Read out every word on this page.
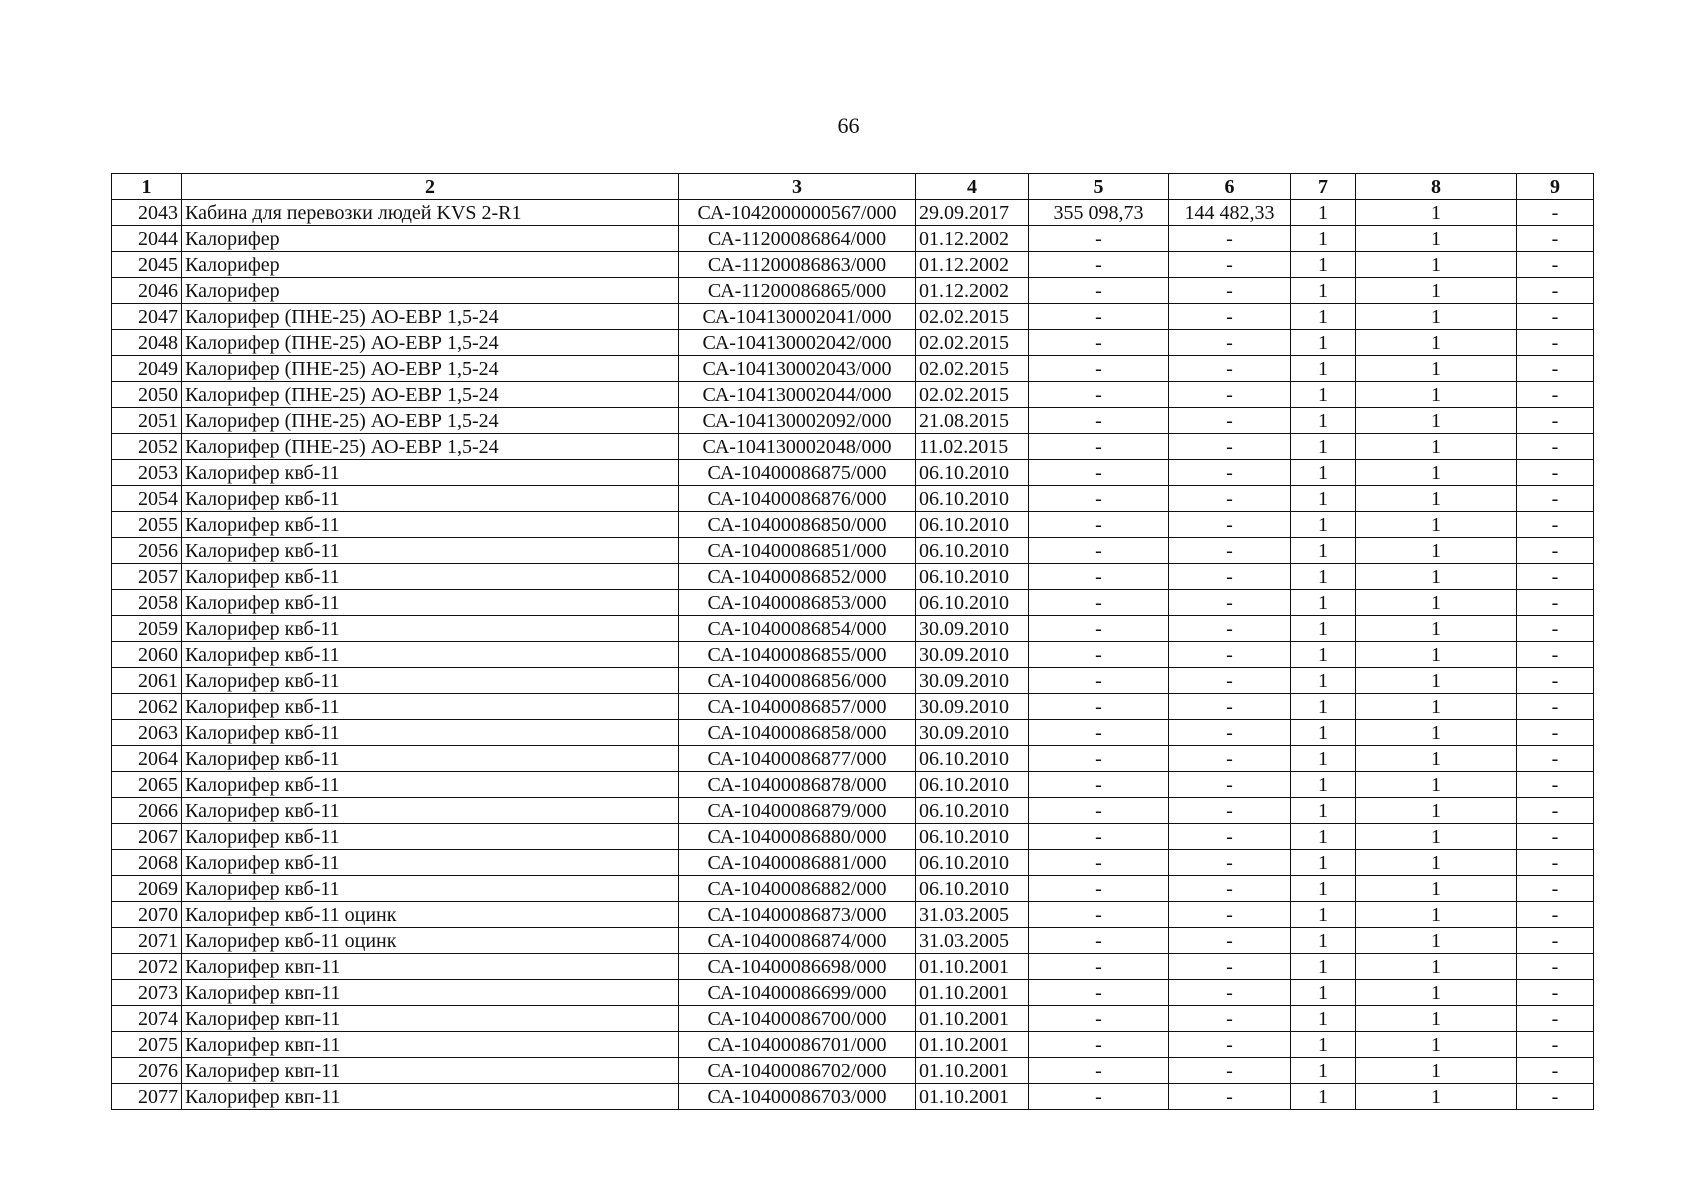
66
1	2	3	4	5	6	7	8	9
2043	Кабина для перевозки людей KVS 2-R1	СА-1042000000567/000	29.09.2017	355 098,73	144 482,33	1	1	-
2044	Калорифер	СА-11200086864/000	01.12.2002	-	-	1	1	-
2045	Калорифер	СА-11200086863/000	01.12.2002	-	-	1	1	-
2046	Калорифер	СА-11200086865/000	01.12.2002	-	-	1	1	-
2047	Калорифер (ПНЕ-25) АО-ЕВР 1,5-24	СА-104130002041/000	02.02.2015	-	-	1	1	-
2048	Калорифер (ПНЕ-25) АО-ЕВР 1,5-24	СА-104130002042/000	02.02.2015	-	-	1	1	-
2049	Калорифер (ПНЕ-25) АО-ЕВР 1,5-24	СА-104130002043/000	02.02.2015	-	-	1	1	-
2050	Калорифер (ПНЕ-25) АО-ЕВР 1,5-24	СА-104130002044/000	02.02.2015	-	-	1	1	-
2051	Калорифер (ПНЕ-25) АО-ЕВР 1,5-24	СА-104130002092/000	21.08.2015	-	-	1	1	-
2052	Калорифер (ПНЕ-25) АО-ЕВР 1,5-24	СА-104130002048/000	11.02.2015	-	-	1	1	-
2053	Калорифер квб-11	СА-10400086875/000	06.10.2010	-	-	1	1	-
2054	Калорифер квб-11	СА-10400086876/000	06.10.2010	-	-	1	1	-
2055	Калорифер квб-11	СА-10400086850/000	06.10.2010	-	-	1	1	-
2056	Калорифер квб-11	СА-10400086851/000	06.10.2010	-	-	1	1	-
2057	Калорифер квб-11	СА-10400086852/000	06.10.2010	-	-	1	1	-
2058	Калорифер квб-11	СА-10400086853/000	06.10.2010	-	-	1	1	-
2059	Калорифер квб-11	СА-10400086854/000	30.09.2010	-	-	1	1	-
2060	Калорифер квб-11	СА-10400086855/000	30.09.2010	-	-	1	1	-
2061	Калорифер квб-11	СА-10400086856/000	30.09.2010	-	-	1	1	-
2062	Калорифер квб-11	СА-10400086857/000	30.09.2010	-	-	1	1	-
2063	Калорифер квб-11	СА-10400086858/000	30.09.2010	-	-	1	1	-
2064	Калорифер квб-11	СА-10400086877/000	06.10.2010	-	-	1	1	-
2065	Калорифер квб-11	СА-10400086878/000	06.10.2010	-	-	1	1	-
2066	Калорифер квб-11	СА-10400086879/000	06.10.2010	-	-	1	1	-
2067	Калорифер квб-11	СА-10400086880/000	06.10.2010	-	-	1	1	-
2068	Калорифер квб-11	СА-10400086881/000	06.10.2010	-	-	1	1	-
2069	Калорифер квб-11	СА-10400086882/000	06.10.2010	-	-	1	1	-
2070	Калорифер квб-11 оцинк	СА-10400086873/000	31.03.2005	-	-	1	1	-
2071	Калорифер квб-11 оцинк	СА-10400086874/000	31.03.2005	-	-	1	1	-
2072	Калорифер квп-11	СА-10400086698/000	01.10.2001	-	-	1	1	-
2073	Калорифер квп-11	СА-10400086699/000	01.10.2001	-	-	1	1	-
2074	Калорифер квп-11	СА-10400086700/000	01.10.2001	-	-	1	1	-
2075	Калорифер квп-11	СА-10400086701/000	01.10.2001	-	-	1	1	-
2076	Калорифер квп-11	СА-10400086702/000	01.10.2001	-	-	1	1	-
2077	Калорифер квп-11	СА-10400086703/000	01.10.2001	-	-	1	1	-
